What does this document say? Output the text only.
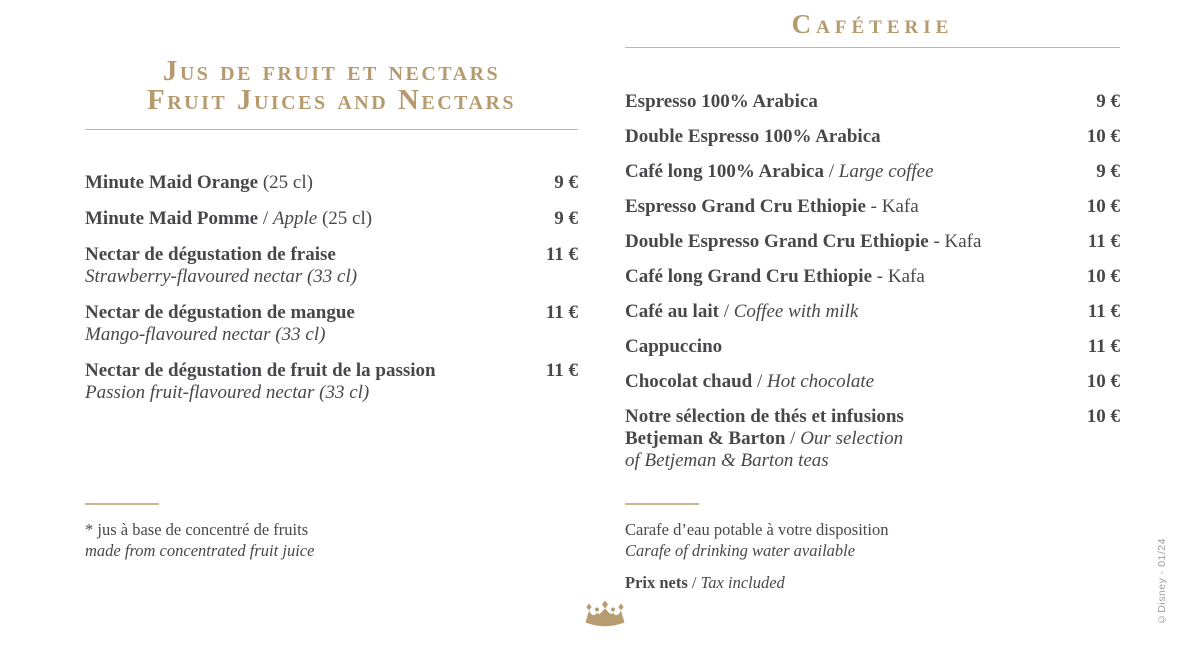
Jus de fruit et nectars
Fruit Juices and Nectars
Minute Maid Orange (25 cl)	9 €
Minute Maid Pomme / Apple (25 cl)	9 €
Nectar de dégustation de fraise
Strawberry-flavoured nectar (33 cl)
11 €
Nectar de dégustation de mangue
Mango-flavoured nectar (33 cl)
11 €
Nectar de dégustation de fruit de la passion
Passion fruit-flavoured nectar (33 cl)
11 €
Caféterie
Espresso 100% Arabica	9 €
Double Espresso 100% Arabica	10 €
Café long 100% Arabica / Large coffee	9 €
Espresso Grand Cru Ethiopie - Kafa	10 €
Double Espresso Grand Cru Ethiopie - Kafa	11 €
Café long Grand Cru Ethiopie - Kafa	10 €
Café au lait / Coffee with milk	11 €
Cappuccino	11 €
Chocolat chaud / Hot chocolate	10 €
Notre sélection de thés et infusions
Betjeman & Barton / Our selection
of Betjeman & Barton teas
10 €
* jus à base de concentré de fruits
made from concentrated fruit juice
Carafe d’eau potable à votre disposition
Carafe of drinking water available
Prix nets / Tax included	©Disney - 01/24
